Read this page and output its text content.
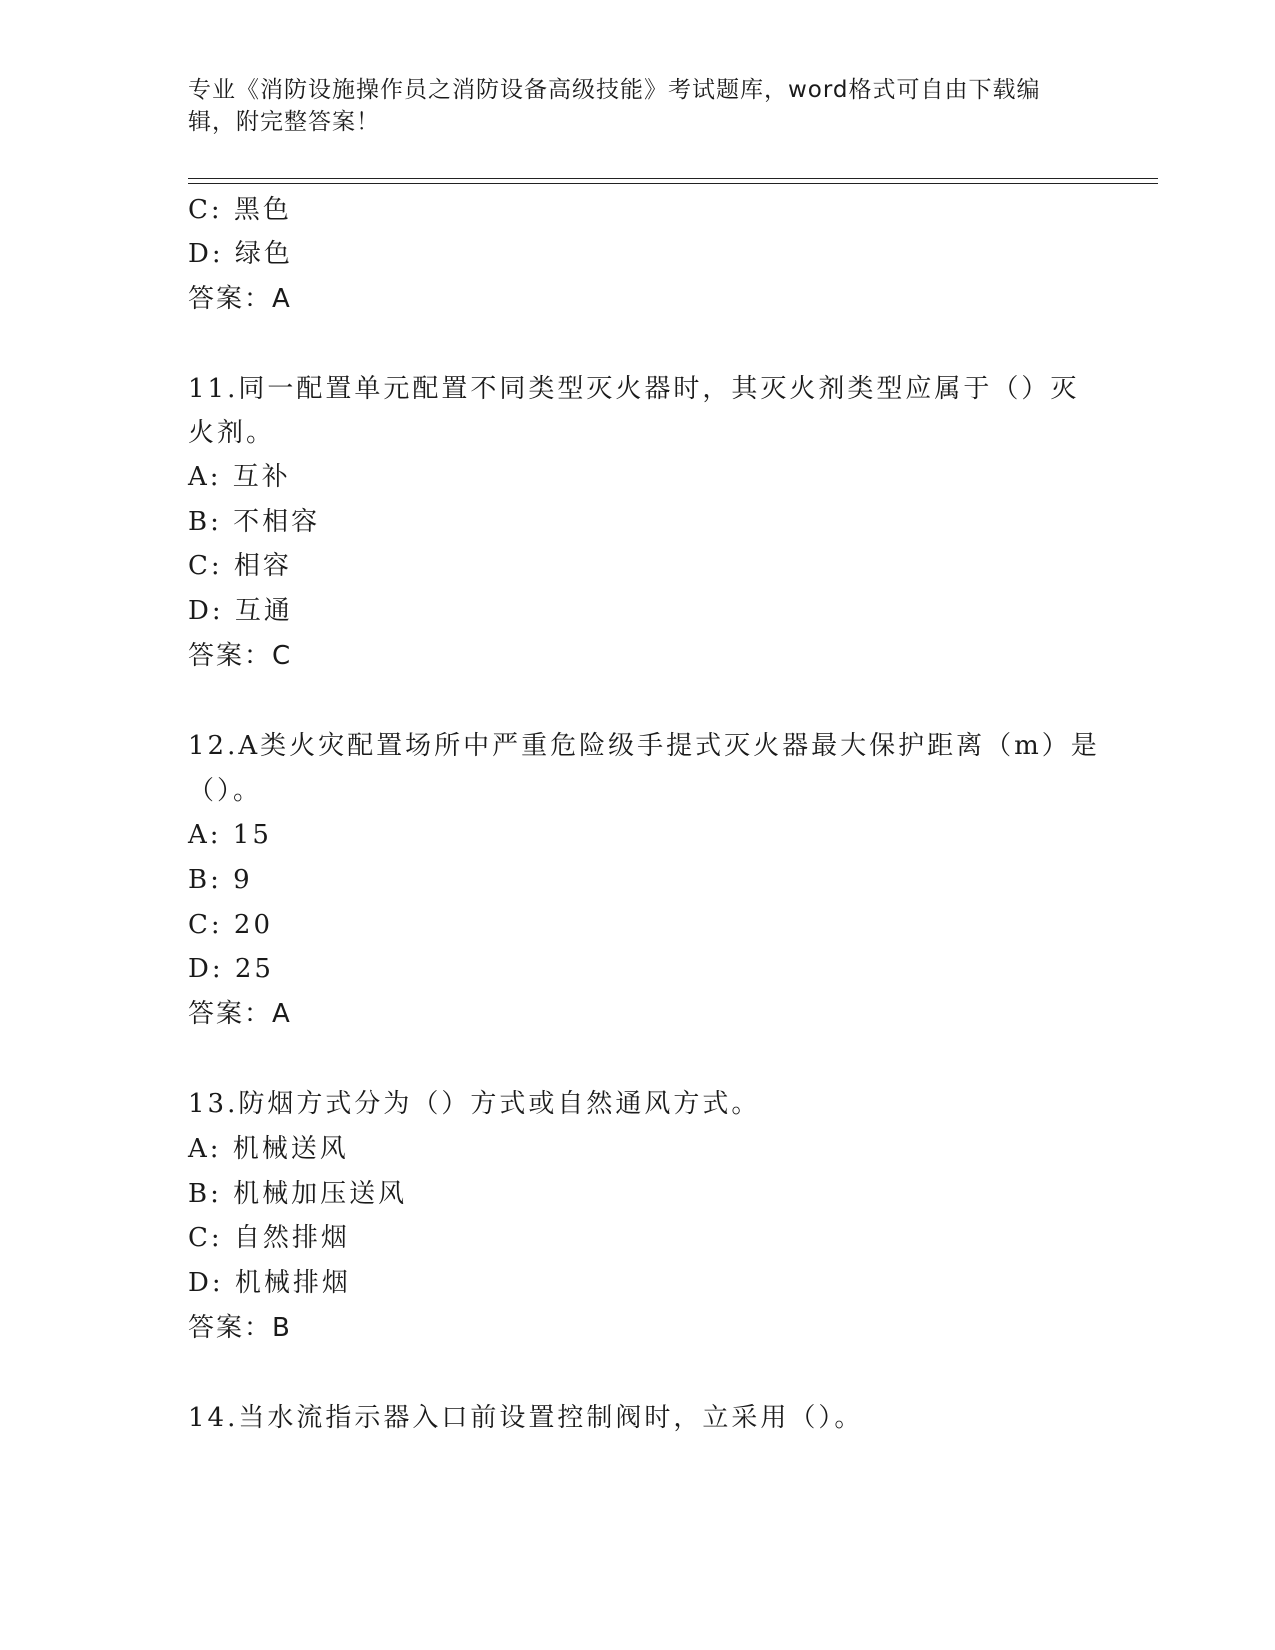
专业《消防设施操作员之消防设备高级技能》考试题库，word格式可自由下载编
辑，附完整答案！
C: 黑色
D: 绿色
答案：A
11.同一配置单元配置不同类型灭火器时，其灭火剂类型应属于（）灭
火剂。
A: 互补
B: 不相容
C: 相容
D: 互通
答案：C
12.A类火灾配置场所中严重危险级手提式灭火器最大保护距离（m）是
（）。
A: 15
B: 9
C: 20
D: 25
答案：A
13.防烟方式分为（）方式或自然通风方式。
A: 机械送风
B: 机械加压送风
C: 自然排烟
D: 机械排烟
答案：B
14.当水流指示器入口前设置控制阀时，立采用（）。
